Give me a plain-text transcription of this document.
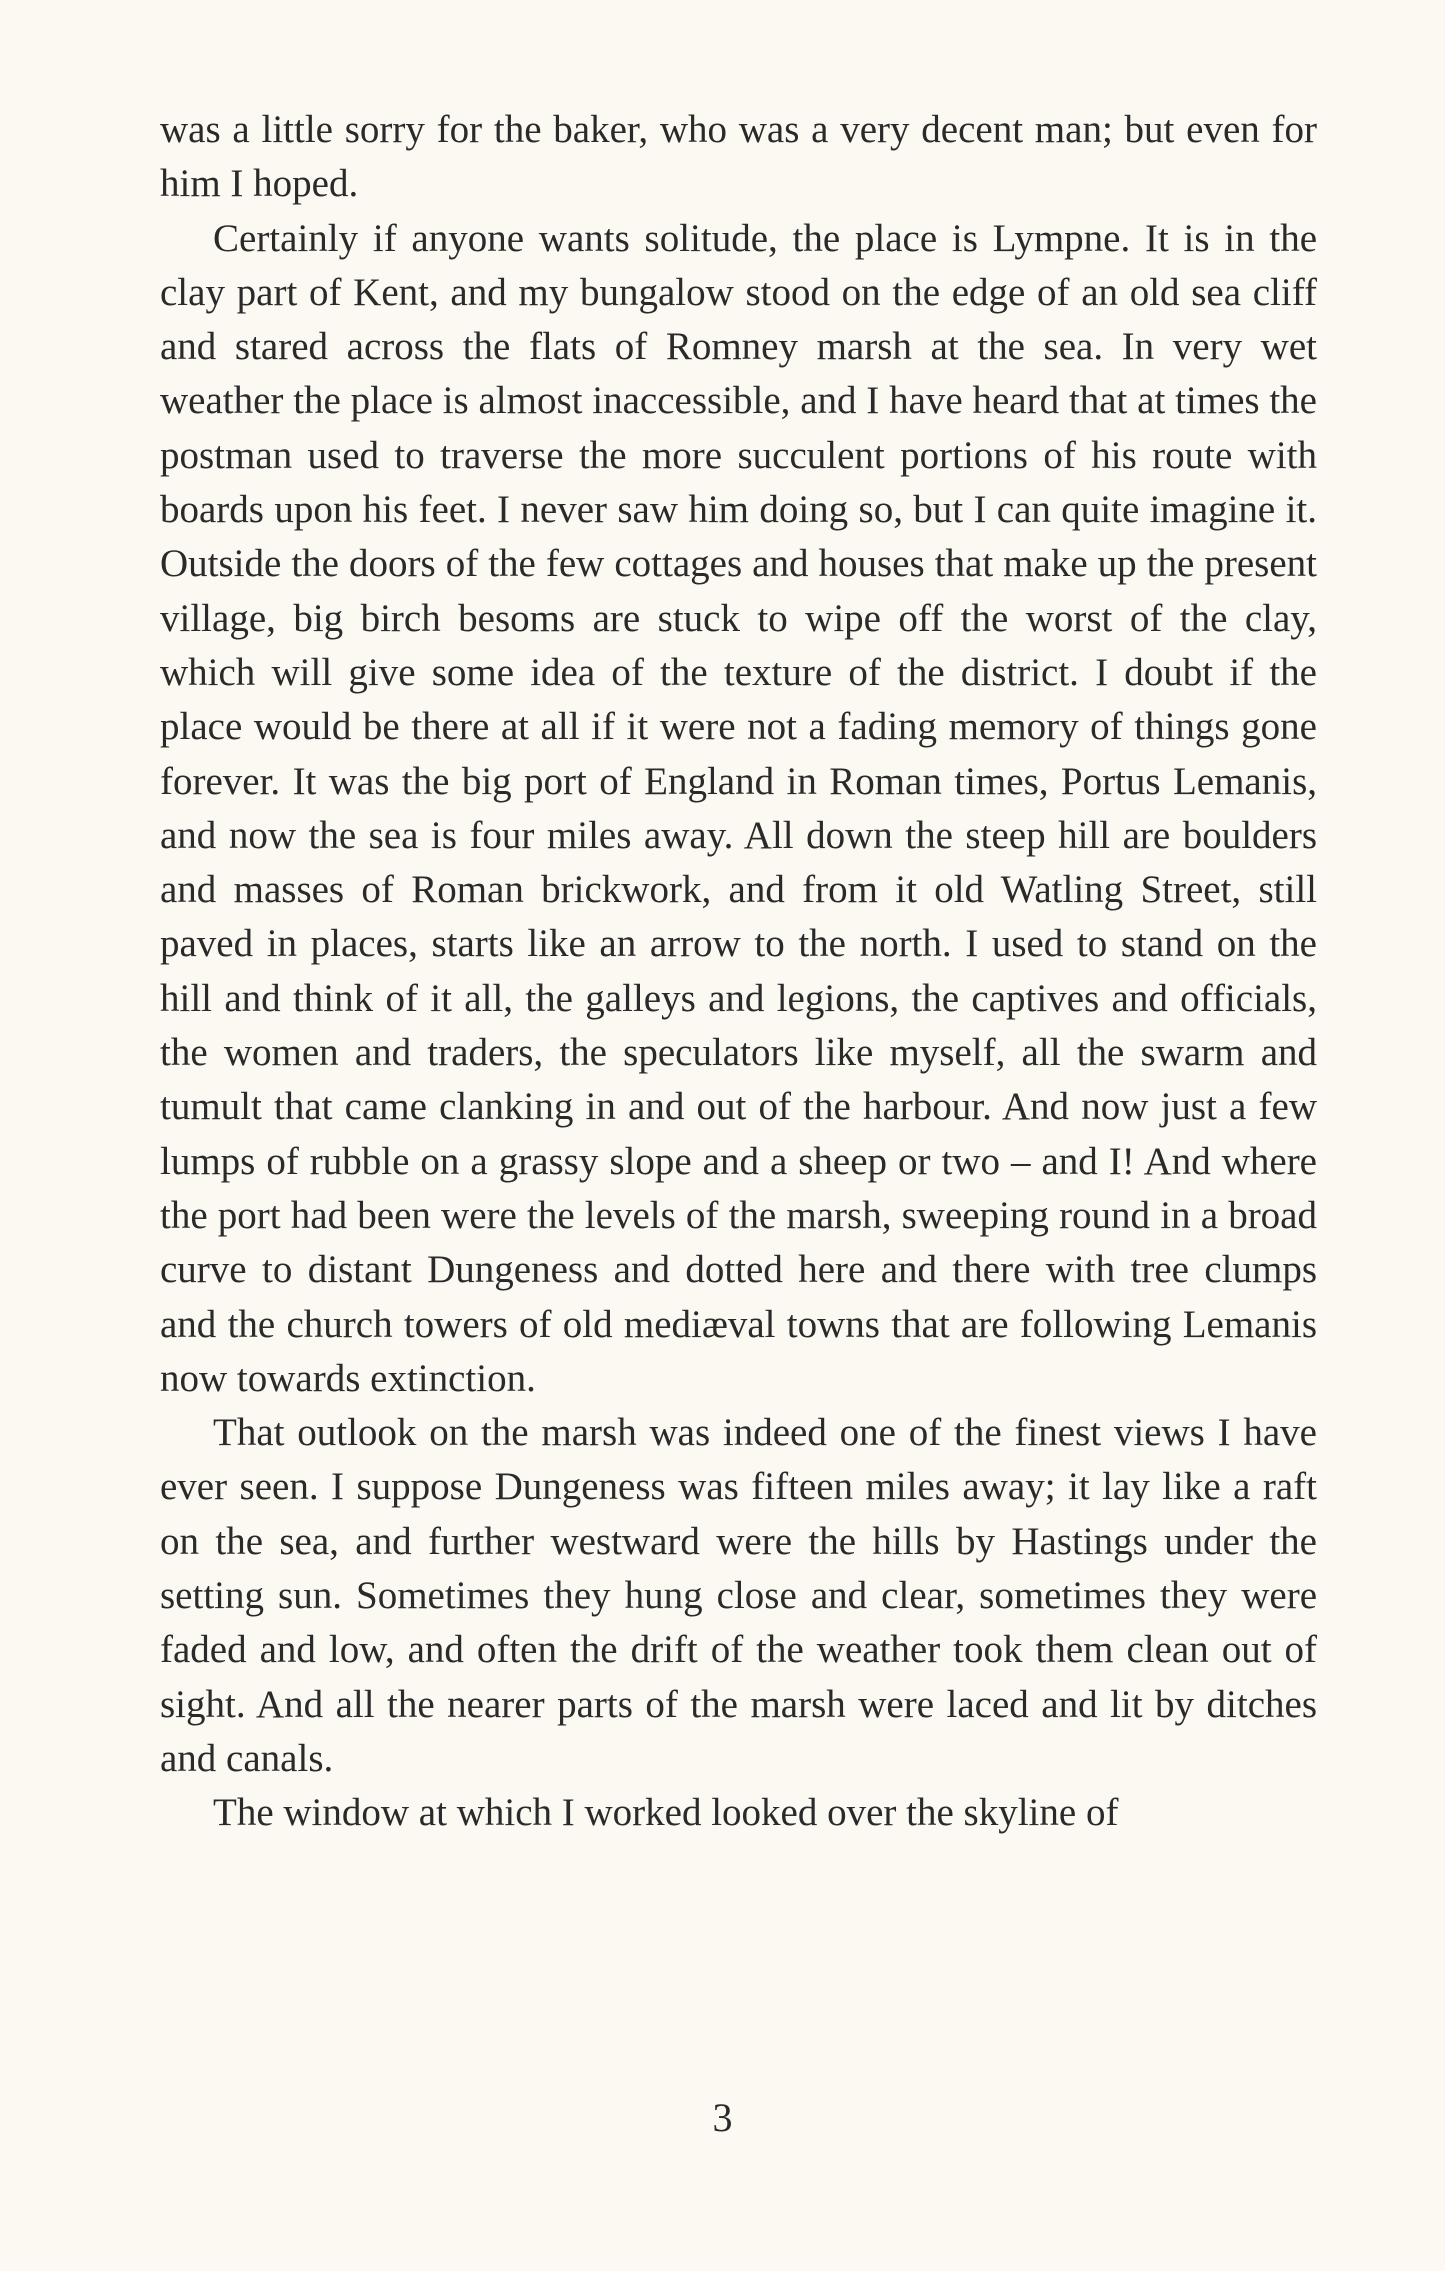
was a little sorry for the baker, who was a very decent man; but even for him I hoped.

Certainly if anyone wants solitude, the place is Lympne. It is in the clay part of Kent, and my bungalow stood on the edge of an old sea cliff and stared across the flats of Romney marsh at the sea. In very wet weather the place is almost inaccessible, and I have heard that at times the postman used to traverse the more succulent portions of his route with boards upon his feet. I never saw him doing so, but I can quite imagine it. Outside the doors of the few cottages and houses that make up the present village, big birch besoms are stuck to wipe off the worst of the clay, which will give some idea of the texture of the district. I doubt if the place would be there at all if it were not a fading memory of things gone forever. It was the big port of England in Roman times, Portus Lemanis, and now the sea is four miles away. All down the steep hill are boulders and masses of Roman brickwork, and from it old Watling Street, still paved in places, starts like an arrow to the north. I used to stand on the hill and think of it all, the galleys and legions, the captives and officials, the women and traders, the speculators like myself, all the swarm and tumult that came clanking in and out of the harbour. And now just a few lumps of rubble on a grassy slope and a sheep or two – and I! And where the port had been were the levels of the marsh, sweeping round in a broad curve to distant Dungeness and dotted here and there with tree clumps and the church towers of old mediæval towns that are following Lemanis now towards extinction.

That outlook on the marsh was indeed one of the finest views I have ever seen. I suppose Dungeness was fifteen miles away; it lay like a raft on the sea, and further westward were the hills by Hastings under the setting sun. Sometimes they hung close and clear, sometimes they were faded and low, and often the drift of the weather took them clean out of sight. And all the nearer parts of the marsh were laced and lit by ditches and canals.

The window at which I worked looked over the skyline of

3
